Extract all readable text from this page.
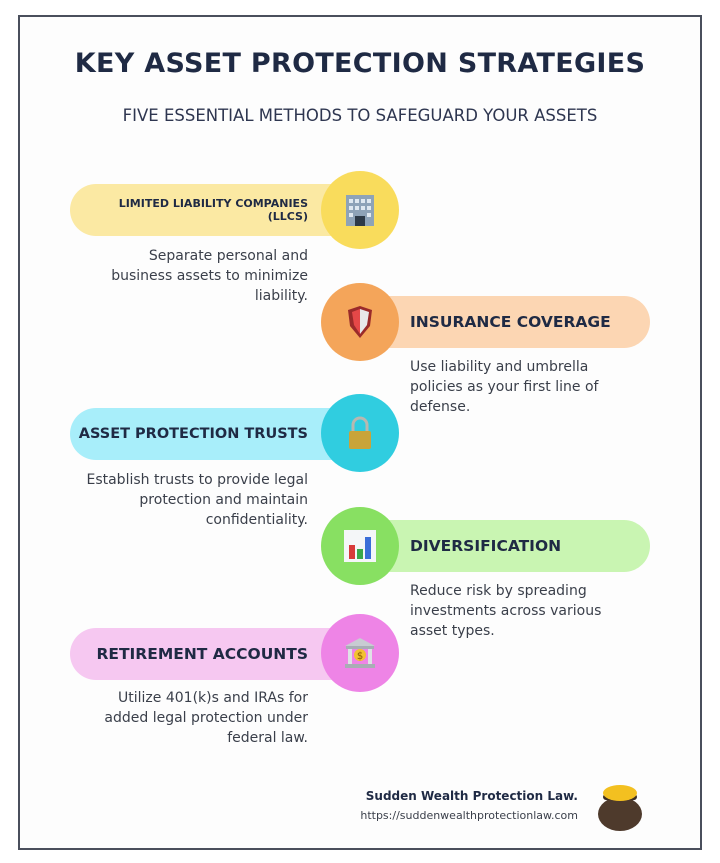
KEY ASSET PROTECTION STRATEGIES
FIVE ESSENTIAL METHODS TO SAFEGUARD YOUR ASSETS
LIMITED LIABILITY COMPANIES (LLCS)
Separate personal and business assets to minimize liability.
INSURANCE COVERAGE
Use liability and umbrella policies as your first line of defense.
ASSET PROTECTION TRUSTS
Establish trusts to provide legal protection and maintain confidentiality.
DIVERSIFICATION
Reduce risk by spreading investments across various asset types.
RETIREMENT ACCOUNTS	$
Utilize 401(k)s and IRAs for added legal protection under federal law.
Sudden Wealth Protection Law.
https://suddenwealthprotectionlaw.com
